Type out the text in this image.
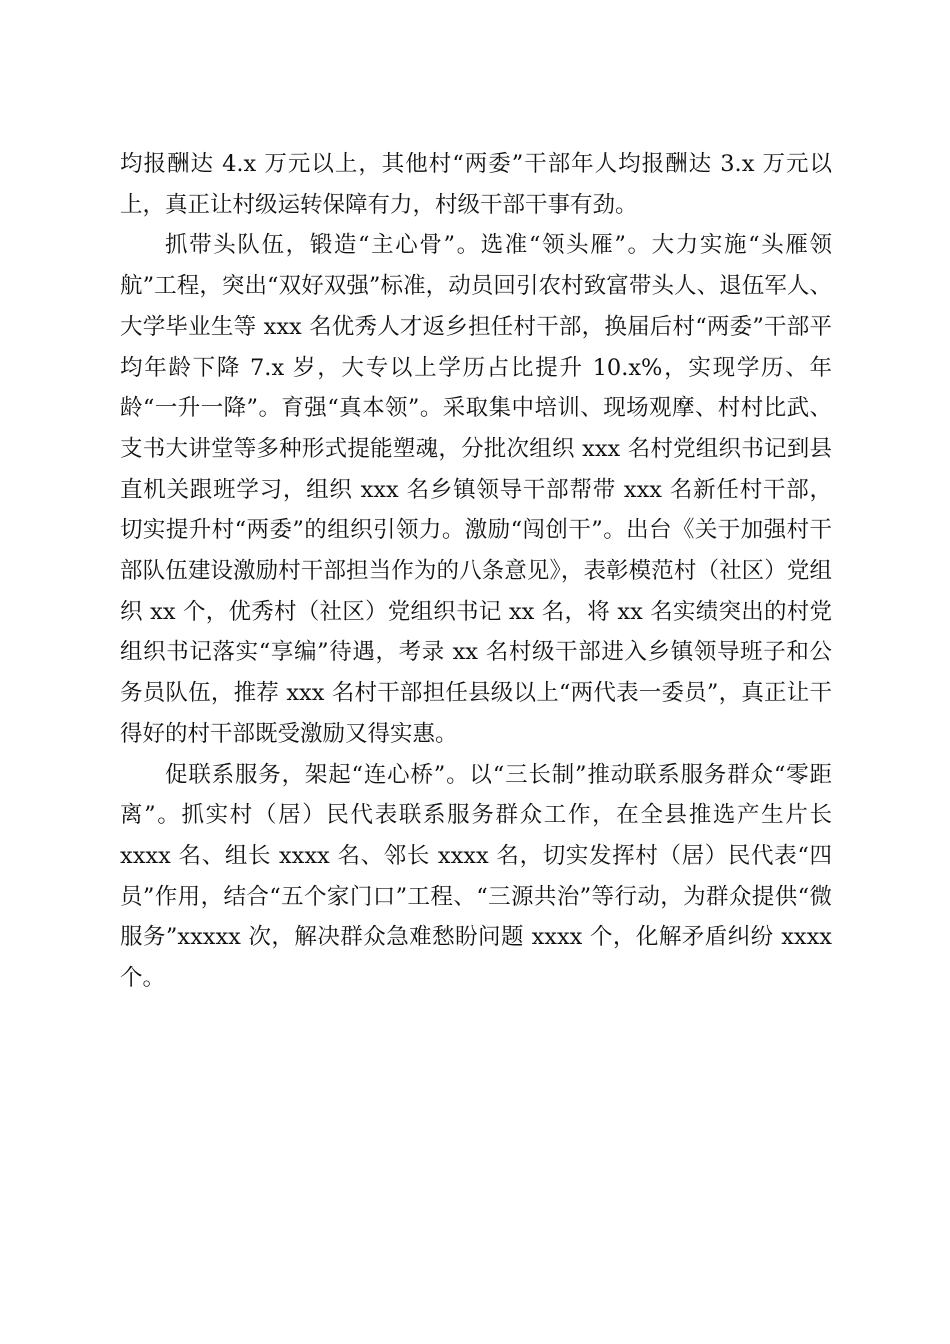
均报酬达 4.x 万元以上，其他村“两委”干部年人均报酬达 3.x 万元以上，真正让村级运转保障有力，村级干部干事有劲。

抓带头队伍，锻造“主心骨”。选准“领头雁”。大力实施“头雁领航”工程，突出“双好双强”标准，动员回引农村致富带头人、退伍军人、大学毕业生等 xxx 名优秀人才返乡担任村干部，换届后村“两委”干部平均年龄下降 7.x 岁，大专以上学历占比提升 10.x%，实现学历、年龄“一升一降”。育强“真本领”。采取集中培训、现场观摩、村村比武、支书大讲堂等多种形式提能塑魂，分批次组织 xxx 名村党组织书记到县直机关跟班学习，组织 xxx 名乡镇领导干部帮带 xxx 名新任村干部，切实提升村“两委”的组织引领力。激励“闯创干”。出台《关于加强村干部队伍建设激励村干部担当作为的八条意见》，表彰模范村（社区）党组织 xx 个，优秀村（社区）党组织书记 xx 名，将 xx 名实绩突出的村党组织书记落实“享编”待遇，考录 xx 名村级干部进入乡镇领导班子和公务员队伍，推荐 xxx 名村干部担任县级以上“两代表一委员”，真正让干得好的村干部既受激励又得实惠。

促联系服务，架起“连心桥”。以“三长制”推动联系服务群众“零距离”。抓实村（居）民代表联系服务群众工作，在全县推选产生片长 xxxx 名、组长 xxxx 名、邻长 xxxx 名，切实发挥村（居）民代表“四员”作用，结合“五个家门口”工程、“三源共治”等行动，为群众提供“微服务”xxxxx 次，解决群众急难愁盼问题 xxxx 个，化解矛盾纠纷 xxxx 个。
